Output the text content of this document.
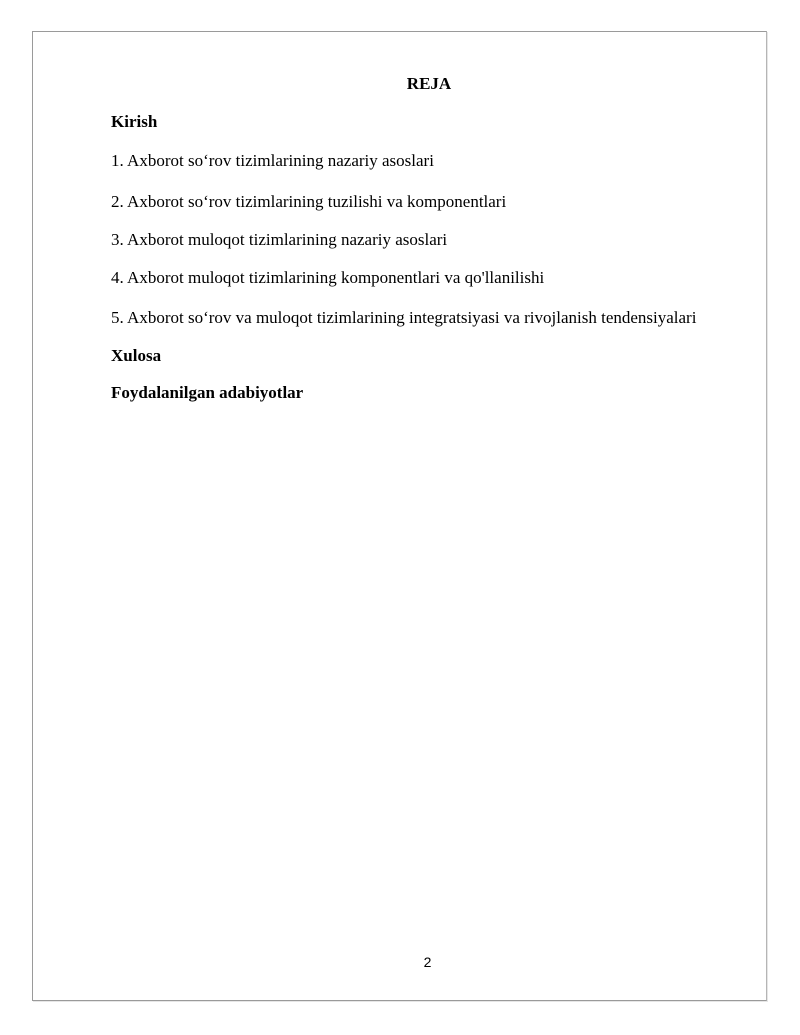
REJA

Kirish

1. Axborot so‘rov tizimlarining nazariy asoslari

2. Axborot so‘rov tizimlarining tuzilishi va komponentlari

3. Axborot muloqot tizimlarining nazariy asoslari

4. Axborot muloqot tizimlarining komponentlari va qo'llanilishi

5. Axborot so‘rov va muloqot tizimlarining integratsiyasi va rivojlanish tendensiyalari

Xulosa

Foydalanilgan adabiyotlar

2
